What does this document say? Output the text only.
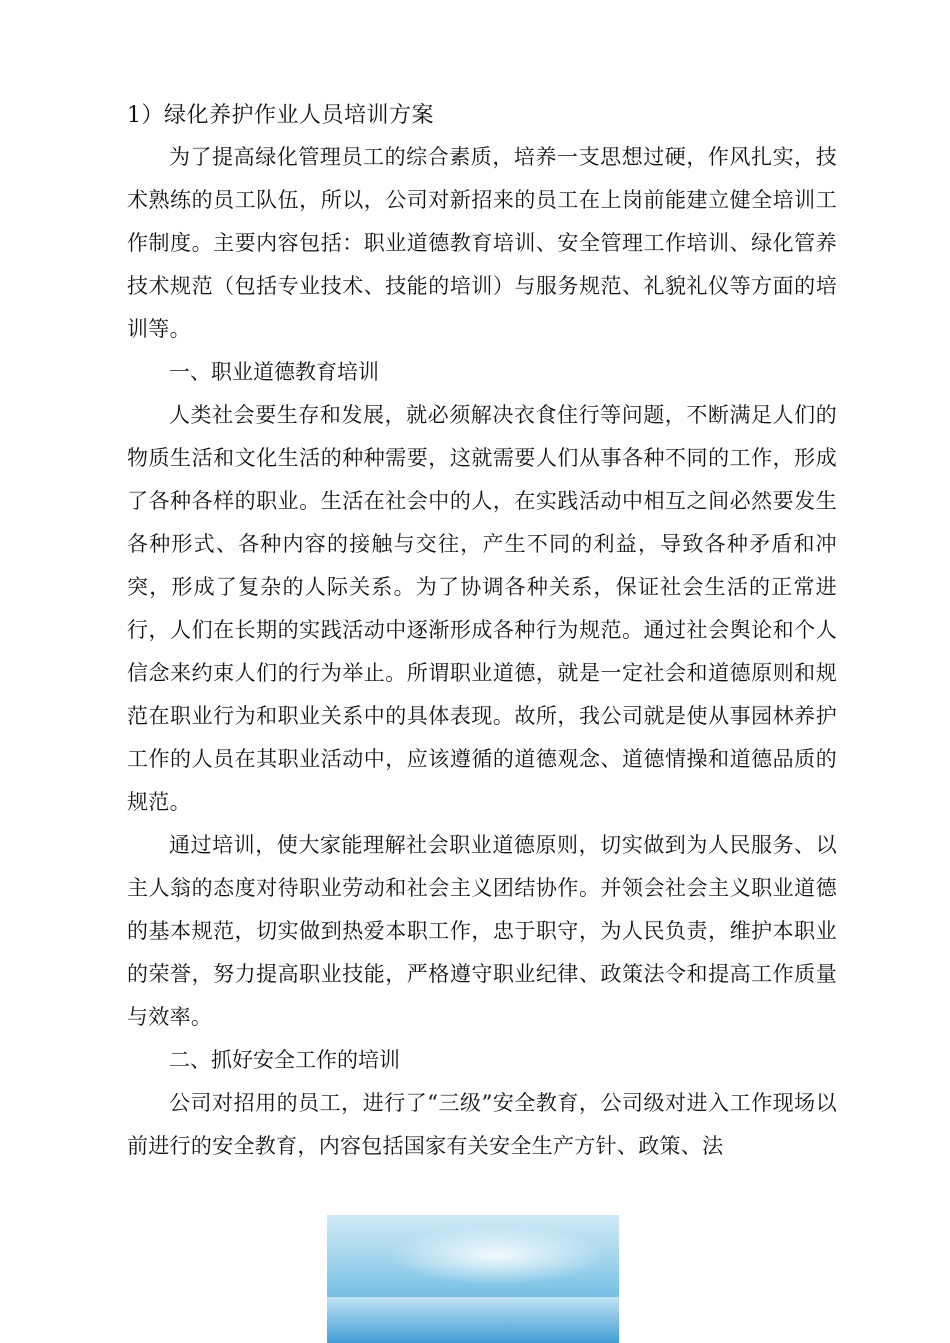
1）绿化养护作业人员培训方案

为了提高绿化管理员工的综合素质，培养一支思想过硬，作风扎实，技术熟练的员工队伍，所以，公司对新招来的员工在上岗前能建立健全培训工作制度。主要内容包括：职业道德教育培训、安全管理工作培训、绿化管养技术规范（包括专业技术、技能的培训）与服务规范、礼貌礼仪等方面的培训等。

一、职业道德教育培训

人类社会要生存和发展，就必须解决衣食住行等问题，不断满足人们的物质生活和文化生活的种种需要，这就需要人们从事各种不同的工作，形成了各种各样的职业。生活在社会中的人，在实践活动中相互之间必然要发生各种形式、各种内容的接触与交往，产生不同的利益，导致各种矛盾和冲突，形成了复杂的人际关系。为了协调各种关系，保证社会生活的正常进行，人们在长期的实践活动中逐渐形成各种行为规范。通过社会舆论和个人信念来约束人们的行为举止。所谓职业道德，就是一定社会和道德原则和规范在职业行为和职业关系中的具体表现。故所，我公司就是使从事园林养护工作的人员在其职业活动中，应该遵循的道德观念、道德情操和道德品质的规范。

通过培训，使大家能理解社会职业道德原则，切实做到为人民服务、以主人翁的态度对待职业劳动和社会主义团结协作。并领会社会主义职业道德的基本规范，切实做到热爱本职工作，忠于职守，为人民负责，维护本职业的荣誉，努力提高职业技能，严格遵守职业纪律、政策法令和提高工作质量与效率。

二、抓好安全工作的培训

公司对招用的员工，进行了“三级”安全教育，公司级对进入工作现场以前进行的安全教育，内容包括国家有关安全生产方针、政策、法
